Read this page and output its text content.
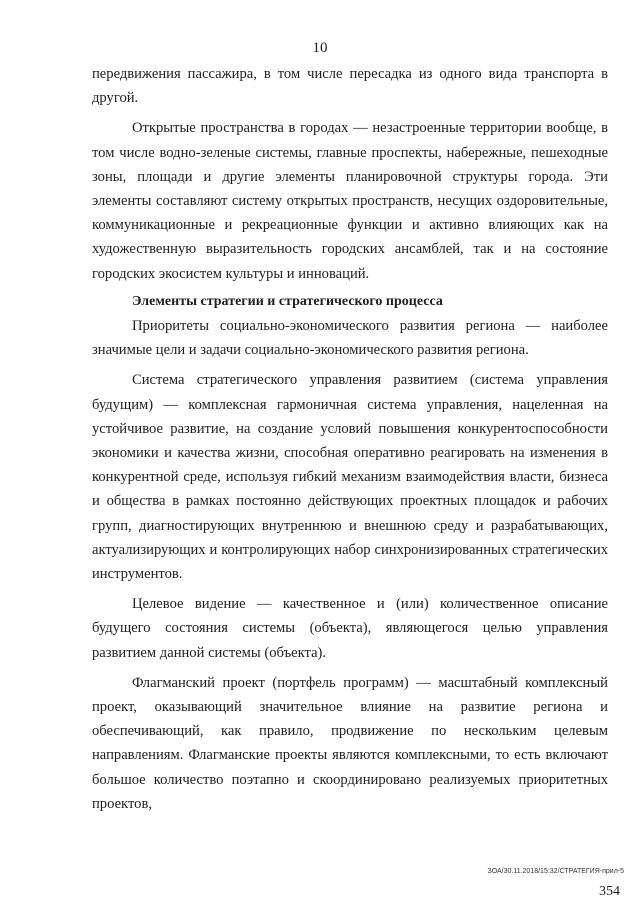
10

передвижения пассажира, в том числе пересадка из одного вида транспорта в другой.

Открытые пространства в городах — незастроенные территории вообще, в том числе водно-зеленые системы, главные проспекты, набережные, пешеходные зоны, площади и другие элементы планировочной структуры города. Эти элементы составляют систему открытых пространств, несущих оздоровительные, коммуникационные и рекреационные функции и активно влияющих как на художественную выразительность городских ансамблей, так и на состояние городских экосистем культуры и инноваций.

Элементы стратегии и стратегического процесса

Приоритеты социально-экономического развития региона — наиболее значимые цели и задачи социально-экономического развития региона.

Система стратегического управления развитием (система управления будущим) — комплексная гармоничная система управления, нацеленная на устойчивое развитие, на создание условий повышения конкурентоспособности экономики и качества жизни, способная оперативно реагировать на изменения в конкурентной среде, используя гибкий механизм взаимодействия власти, бизнеса и общества в рамках постоянно действующих проектных площадок и рабочих групп, диагностирующих внутреннюю и внешнюю среду и разрабатывающих, актуализирующих и контролирующих набор синхронизированных стратегических инструментов.

Целевое видение — качественное и (или) количественное описание будущего состояния системы (объекта), являющегося целью управления развитием данной системы (объекта).

Флагманский проект (портфель программ) — масштабный комплексный проект, оказывающий значительное влияние на развитие региона и обеспечивающий, как правило, продвижение по нескольким целевым направлениям. Флагманские проекты являются комплексными, то есть включают большое количество поэтапно и скоординировано реализуемых приоритетных проектов,

ЗОА/30.11.2018/15:32/СТРАТЕГИЯ-прил-5
354
